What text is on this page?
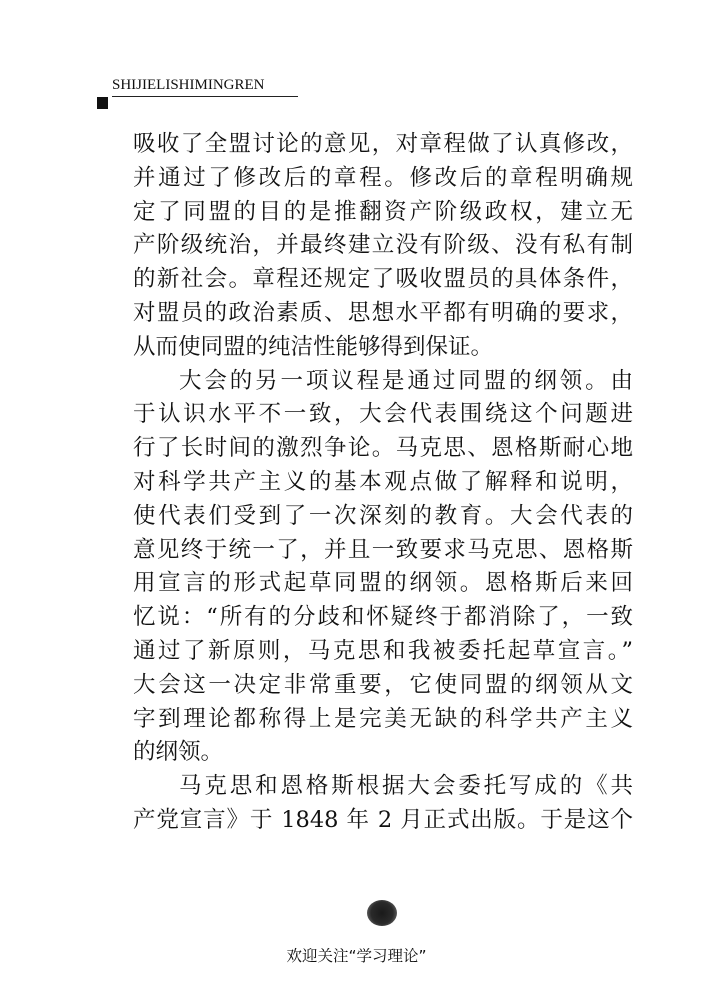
SHIJIELISHIMINGREN
吸收了全盟讨论的意见，对章程做了认真修改，
并通过了修改后的章程。修改后的章程明确规
定了同盟的目的是推翻资产阶级政权，建立无
产阶级统治，并最终建立没有阶级、没有私有制
的新社会。章程还规定了吸收盟员的具体条件，
对盟员的政治素质、思想水平都有明确的要求，
从而使同盟的纯洁性能够得到保证。
大会的另一项议程是通过同盟的纲领。由
于认识水平不一致，大会代表围绕这个问题进
行了长时间的激烈争论。马克思、恩格斯耐心地
对科学共产主义的基本观点做了解释和说明，
使代表们受到了一次深刻的教育。大会代表的
意见终于统一了，并且一致要求马克思、恩格斯
用宣言的形式起草同盟的纲领。恩格斯后来回
忆说：“所有的分歧和怀疑终于都消除了，一致
通过了新原则，马克思和我被委托起草宣言。”
大会这一决定非常重要，它使同盟的纲领从文
字到理论都称得上是完美无缺的科学共产主义
的纲领。
马克思和恩格斯根据大会委托写成的《共
产党宣言》于 1848 年 2 月正式出版。于是这个
欢迎关注“学习理论”
